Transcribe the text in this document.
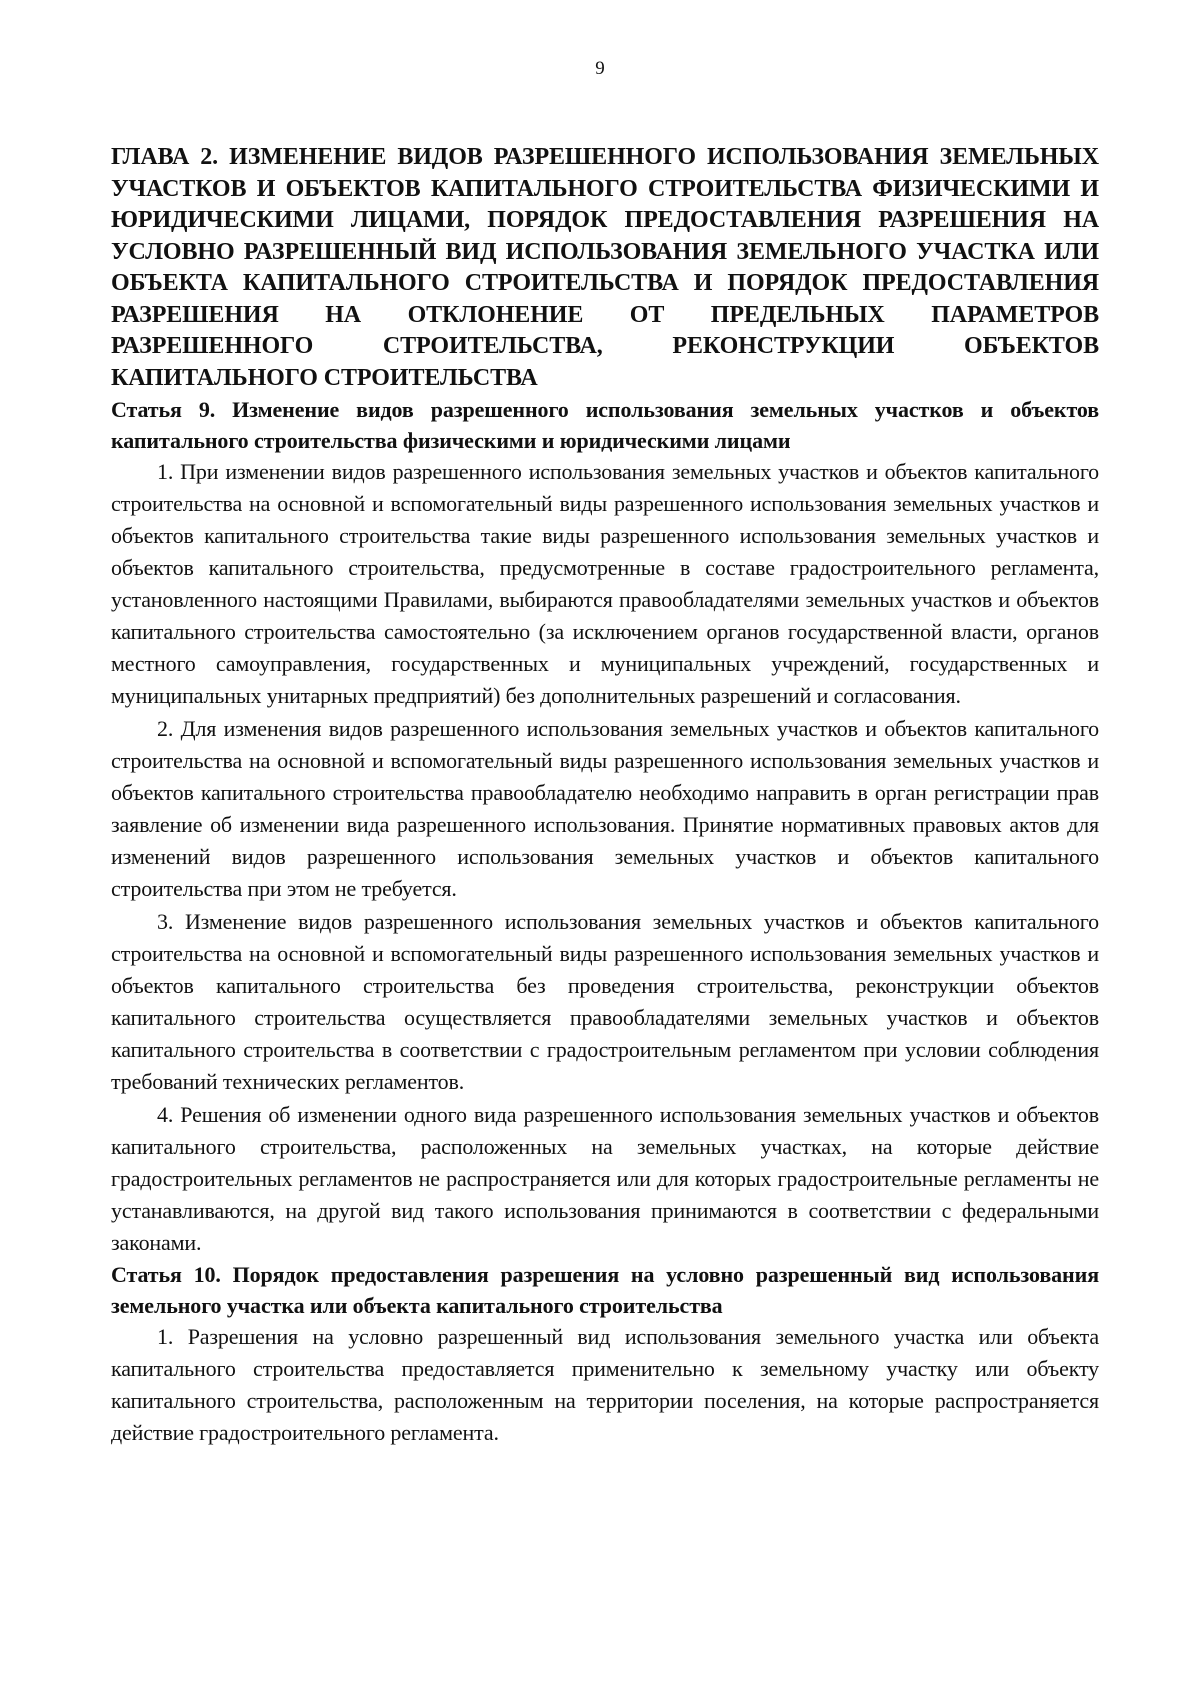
9
ГЛАВА 2. ИЗМЕНЕНИЕ ВИДОВ РАЗРЕШЕННОГО ИСПОЛЬЗОВАНИЯ ЗЕМЕЛЬНЫХ УЧАСТКОВ И ОБЪЕКТОВ КАПИТАЛЬНОГО СТРОИТЕЛЬСТВА ФИЗИЧЕСКИМИ И ЮРИДИЧЕСКИМИ ЛИЦАМИ, ПОРЯДОК ПРЕДОСТАВЛЕНИЯ РАЗРЕШЕНИЯ НА УСЛОВНО РАЗРЕШЕННЫЙ ВИД ИСПОЛЬЗОВАНИЯ ЗЕМЕЛЬНОГО УЧАСТКА ИЛИ ОБЪЕКТА КАПИТАЛЬНОГО СТРОИТЕЛЬСТВА И ПОРЯДОК ПРЕДОСТАВЛЕНИЯ РАЗРЕШЕНИЯ НА ОТКЛОНЕНИЕ ОТ ПРЕДЕЛЬНЫХ ПАРАМЕТРОВ РАЗРЕШЕННОГО СТРОИТЕЛЬСТВА, РЕКОНСТРУКЦИИ ОБЪЕКТОВ КАПИТАЛЬНОГО СТРОИТЕЛЬСТВА
Статья 9. Изменение видов разрешенного использования земельных участков и объектов капитального строительства физическими и юридическими лицами

1. При изменении видов разрешенного использования земельных участков и объектов капитального строительства на основной и вспомогательный виды разрешенного использования земельных участков и объектов капитального строительства такие виды разрешенного использования земельных участков и объектов капитального строительства, предусмотренные в составе градостроительного регламента, установленного настоящими Правилами, выбираются правообладателями земельных участков и объектов капитального строительства самостоятельно (за исключением органов государственной власти, органов местного самоуправления, государственных и муниципальных учреждений, государственных и муниципальных унитарных предприятий) без дополнительных разрешений и согласования.

2. Для изменения видов разрешенного использования земельных участков и объектов капитального строительства на основной и вспомогательный виды разрешенного использования земельных участков и объектов капитального строительства правообладателю необходимо направить в орган регистрации прав заявление об изменении вида разрешенного использования. Принятие нормативных правовых актов для изменений видов разрешенного использования земельных участков и объектов капитального строительства при этом не требуется.

3. Изменение видов разрешенного использования земельных участков и объектов капитального строительства на основной и вспомогательный виды разрешенного использования земельных участков и объектов капитального строительства без проведения строительства, реконструкции объектов капитального строительства осуществляется правообладателями земельных участков и объектов капитального строительства в соответствии с градостроительным регламентом при условии соблюдения требований технических регламентов.

4. Решения об изменении одного вида разрешенного использования земельных участков и объектов капитального строительства, расположенных на земельных участках, на которые действие градостроительных регламентов не распространяется или для которых градостроительные регламенты не устанавливаются, на другой вид такого использования принимаются в соответствии с федеральными законами.

Статья 10. Порядок предоставления разрешения на условно разрешенный вид использования земельного участка или объекта капитального строительства

1. Разрешения на условно разрешенный вид использования земельного участка или объекта капитального строительства предоставляется применительно к земельному участку или объекту капитального строительства, расположенным на территории поселения, на которые распространяется действие градостроительного регламента.
